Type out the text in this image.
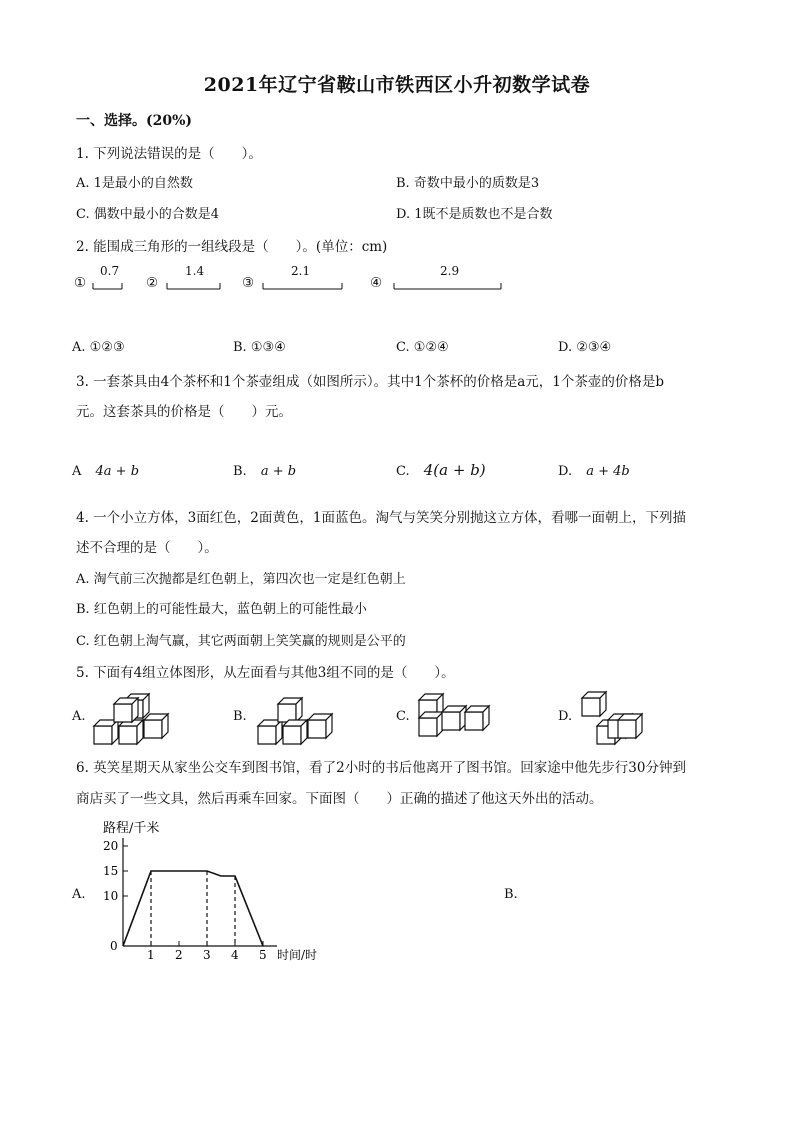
2021年辽宁省鞍山市铁西区小升初数学试卷
一、选择。(20%)
1. 下列说法错误的是（　　）。
A. 1是最小的自然数	B. 奇数中最小的质数是3
C. 偶数中最小的合数是4	D. 1既不是质数也不是合数
2. 能围成三角形的一组线段是（　　）。(单位：cm)
①
0.7
②
1.4
③
2.1
④
2.9
A. ①②③	B. ①③④	C. ①②④	D. ②③④
3. 一套茶具由4个茶杯和1个茶壶组成（如图所示）。其中1个茶杯的价格是a元，1个茶壶的价格是b
元。这套茶具的价格是（　　）元。
A 4a + b	B. a + b	C. 4(a + b)	D. a + 4b
4. 一个小立方体，3面红色，2面黄色，1面蓝色。淘气与笑笑分别抛这立方体，看哪一面朝上，下列描
述不合理的是（　　）。
A. 淘气前三次抛都是红色朝上，第四次也一定是红色朝上
B. 红色朝上的可能性最大，蓝色朝上的可能性最小
C. 红色朝上淘气赢，其它两面朝上笑笑赢的规则是公平的
5. 下面有4组立体图形，从左面看与其他3组不同的是（　　）。
A.	B.	C.	D.
6. 英笑星期天从家坐公交车到图书馆，看了2小时的书后他离开了图书馆。回家途中他先步行30分钟到
商店买了一些文具，然后再乘车回家。下面图（　　）正确的描述了他这天外出的活动。
A.	B.
路程/千米
时间/时
1 2 3 4 5
0
10
15
20
